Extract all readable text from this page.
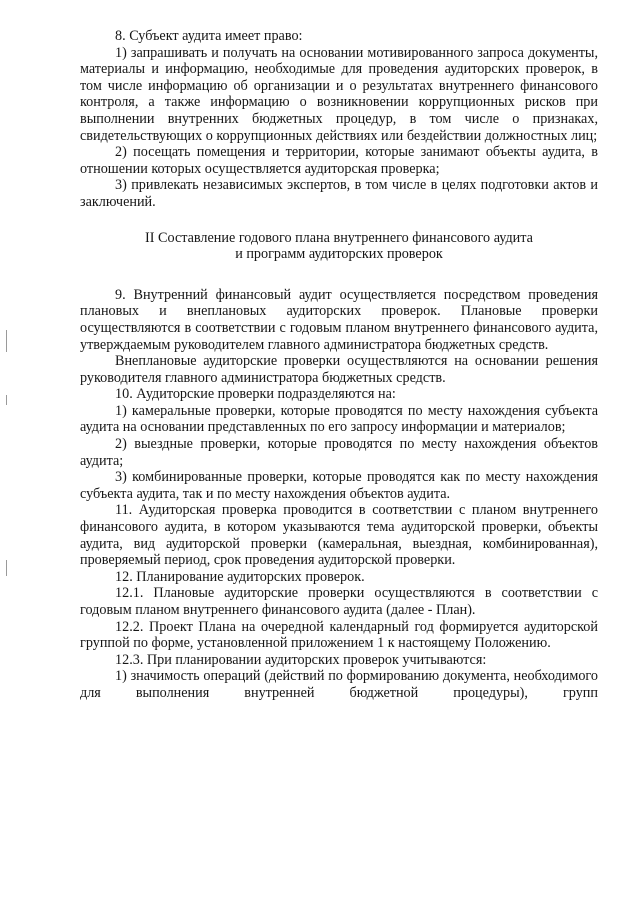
8. Субъект аудита имеет право:

1) запрашивать и получать на основании мотивированного запроса документы, материалы и информацию, необходимые для проведения аудиторских проверок, в том числе информацию об организации и о результатах внутреннего финансового контроля, а также информацию о возникновении коррупционных рисков при выполнении внутренних бюджетных процедур, в том числе о признаках, свидетельствующих о коррупционных действиях или бездействии должностных лиц;

2) посещать помещения и территории, которые занимают объекты аудита, в отношении которых осуществляется аудиторская проверка;

3) привлекать независимых экспертов, в том числе в целях подготовки актов и заключений.

II Составление годового плана внутреннего финансового аудита
и программ аудиторских проверок

9. Внутренний финансовый аудит осуществляется посредством проведения плановых и внеплановых аудиторских проверок. Плановые проверки осуществляются в соответствии с годовым планом внутреннего финансового аудита, утверждаемым руководителем главного администратора бюджетных средств.

Внеплановые аудиторские проверки осуществляются на основании решения руководителя главного администратора бюджетных средств.

10. Аудиторские проверки подразделяются на:

1) камеральные проверки, которые проводятся по месту нахождения субъекта аудита на основании представленных по его запросу информации и материалов;

2) выездные проверки, которые проводятся по месту нахождения объектов аудита;

3) комбинированные проверки, которые проводятся как по месту нахождения субъекта аудита, так и по месту нахождения объектов аудита.

11. Аудиторская проверка проводится в соответствии с планом внутреннего финансового аудита, в котором указываются тема аудиторской проверки, объекты аудита, вид аудиторской проверки (камеральная, выездная, комбинированная), проверяемый период, срок проведения аудиторской проверки.

12. Планирование аудиторских проверок.

12.1. Плановые аудиторские проверки осуществляются в соответствии с годовым планом внутреннего финансового аудита (далее - План).

12.2. Проект Плана на очередной календарный год формируется аудиторской группой по форме, установленной приложением 1 к настоящему Положению.

12.3. При планировании аудиторских проверок учитываются:

1) значимость операций (действий по формированию документа, необходимого для выполнения внутренней бюджетной процедуры), групп
